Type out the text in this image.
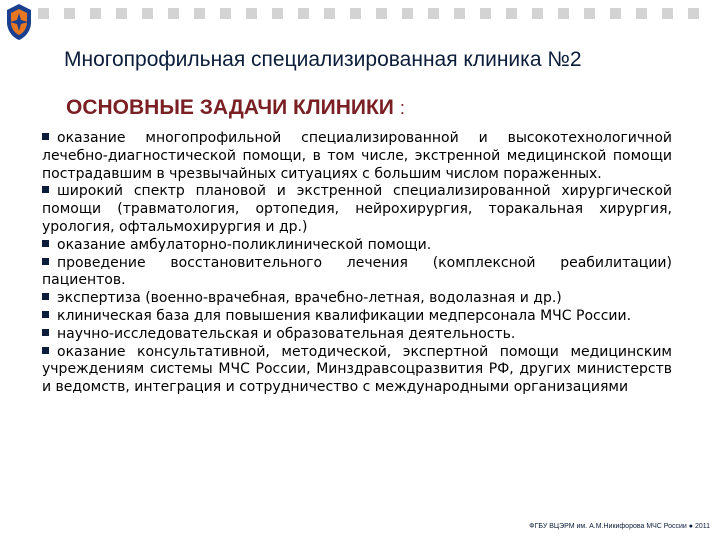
Многопрофильная специализированная клиника №2
ОСНОВНЫЕ ЗАДАЧИ КЛИНИКИ :

оказание многопрофильной специализированной и высокотехнологичной лечебно-диагностической помощи, в том числе, экстренной медицинской помощи пострадавшим в чрезвычайных ситуациях с большим числом пораженных.

широкий спектр плановой и экстренной специализированной хирургической помощи (травматология, ортопедия, нейрохирургия, торакальная хирургия, урология, офтальмохирургия и др.)

оказание амбулаторно-поликлинической помощи.

проведение восстановительного лечения (комплексной реабилитации) пациентов.

экспертиза (военно-врачебная, врачебно-летная, водолазная и др.)

клиническая база для повышения квалификации медперсонала МЧС России.

научно-исследовательская и образовательная деятельность.

оказание консультативной, методической, экспертной помощи медицинским учреждениям системы МЧС России, Минздравсоцразвития РФ, других министерств и ведомств, интеграция и сотрудничество с международными организациями

ФГБУ ВЦЭРМ им. А.М.Никифорова МЧС России ● 2011
